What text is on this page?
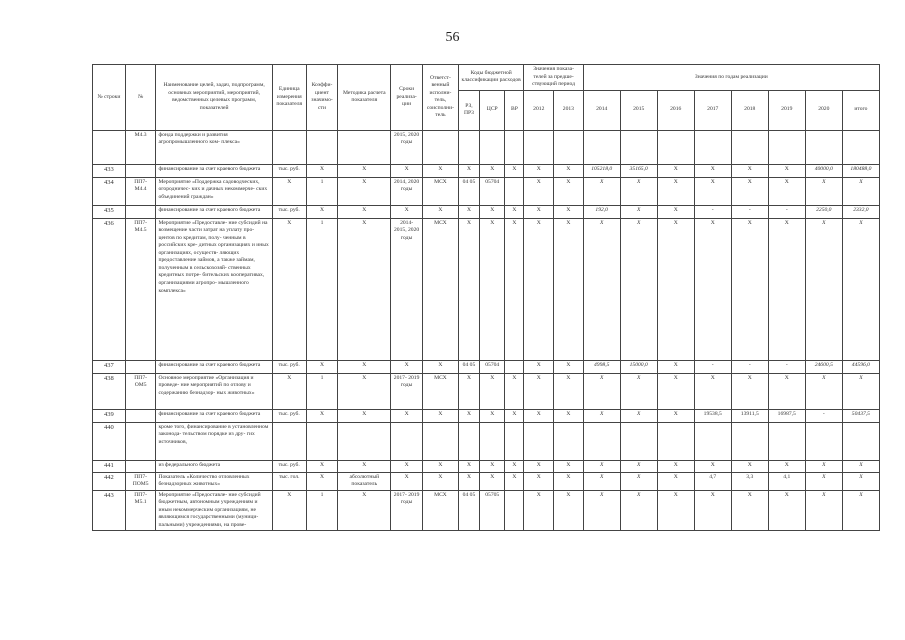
56
№ строки	№	Наименование целей, задач, подпрограмм, основных мероприятий, мероприятий, ведомственных целевых программ, показателей	Единица измерения показателя	Коэффи- циент значимо- сти	Методика расчета показателя	Сроки реализа- ции	Ответст- венный исполни- тель, соисполни- тель	Коды бюджетной классификации расходов			Значения показа- телей за предше- ствующий период		Значения по годам реализации							
								РЗ, ПР3	ЦСР	ВР	2012	2013	2014	2015	2016	2017	2018	2019	2020	итого
	М4.3	фонда поддержки и развития агропромышленного ком- плекса»				2015, 2020 годы														
433		финансирование за счет краевого бюджета	тыс. руб.	X	X	X	X	X	X	X	X	X	105218,0	35165,0	X	X	X	X	40000,0	180488,0
434	ПП7- М4.4	Мероприятие «Поддержка садоводческих, огородничес- ких и дачных некоммерче- ских объединений граждан»	X	1	X	2014, 2020 годы	МСХ	04 05	05704		X	X	X	X	X	X	X	X	X	X
435		финансирование за счет краевого бюджета	тыс. руб.	X	X	X	X	X	X	X	X	X	192,0	X	X	-	-	-	2250,0	2332,0
436	ПП7- М4.5	Мероприятие «Предоставле- ние субсидий на возмещение части затрат на уплату про- центов по кредитам, полу- ченным в российских кре- дитных организациях и иных организациях, осуществ- ляющих предоставление займов, а также займам, полученным в сельскохозяй- ственных кредитных потре- бительских кооперативах, организациями агропро- мышленного комплекса»	X	1	X	2014- 2015, 2020 годы	МСХ	X	X	X	X	X	X	X	X	X	X	X	X	X
437		финансирование за счет краевого бюджета	тыс. руб.	X	X	X	X	04 05	05704		X	X	4998,5	15000,0	X	-	-	-	24600,5	44596,0
438	ПП7- ОМ5	Основное мероприятие «Организация и проведе- ние мероприятий по отлову и содержанию безнадзор- ных животных»	X	1	X	2017- 2019 годы	МСХ	X	X	X	X	X	X	X	X	X	X	X	X	X
439		финансирование за счет краевого бюджета	тыс. руб.	X	X	X	X	X	X	X	X	X	X	X	X	19538,5	13911,5	16987,5	-	50437,5
440		кроме того, финансирование в установленном законода- тельством порядке из дру- гих источников,																		
441		из федерального бюджета	тыс. руб.	X	X	X	X	X	X	X	X	X	X	X	X	X	X	X	X	X
442	ПП7- ПОМ5	Показатель «Количество отловленных безнадзорных животных»	тыс. гол.	X	абсолютный показатель	X	X	X	X	X	X	X	X	X	X	4,7	3,3	4,1	X	X
443	ПП7- М5.1	Мероприятие «Предоставле- ние субсидий бюджетным, автономным учреждениям и иным некоммерческим организациям, не являющимся государственными (муници- пальными) учреждениями, на прове-	X	1	X	2017- 2019 годы	МСХ	04 05	05705		X	X	X	X	X	X	X	X	X	X
